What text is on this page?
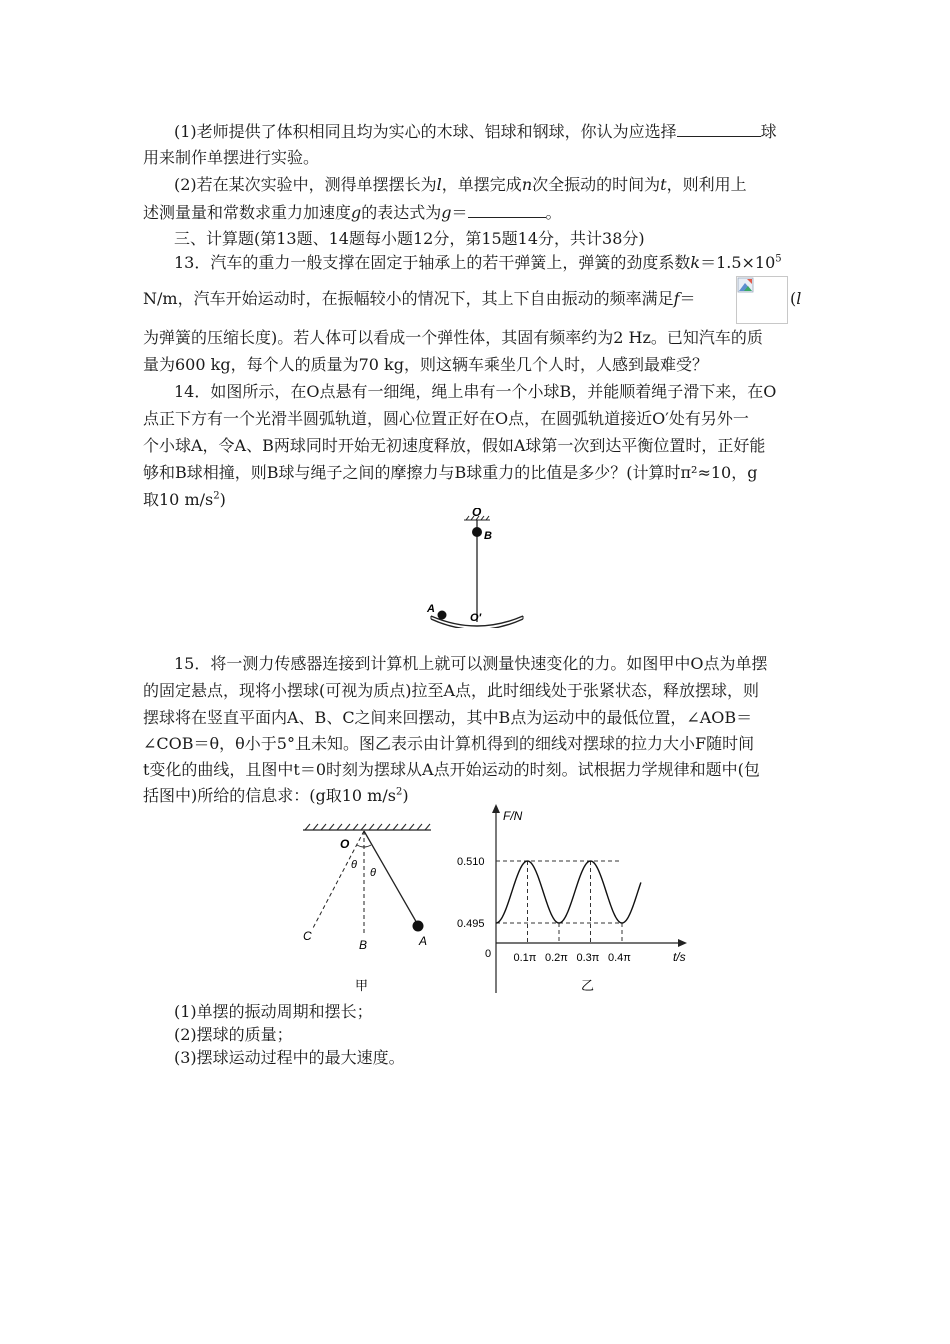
(1)老师提供了体积相同且均为实心的木球、铝球和钢球，你认为应选择	球
用来制作单摆进行实验。
(2)若在某次实验中，测得单摆摆长为l，单摆完成n次全振动的时间为t，则利用上
述测量量和常数求重力加速度g的表达式为g＝	。
三、计算题(第13题、14题每小题12分，第15题14分，共计38分)
13．汽车的重力一般支撑在固定于轴承上的若干弹簧上，弹簧的劲度系数$k=1.5\times 10^5$
N/m，汽车开始运动时，在振幅较小的情况下，其上下自由振动的频率满足f＝	(l
为弹簧的压缩长度)。若人体可以看成一个弹性体，其固有频率约为2 Hz。已知汽车的质
量为600 kg，每个人的质量为70 kg，则这辆车乘坐几个人时，人感到最难受？
14．如图所示，在O点悬有一细绳，绳上串有一个小球B，并能顺着绳子滑下来，在O
点正下方有一个光滑半圆弧轨道，圆心位置正好在O点，在圆弧轨道接近O′处有另外一
个小球A，令A、B两球同时开始无初速度释放，假如A球第一次到达平衡位置时，正好能
够和B球相撞，则B球与绳子之间的摩擦力与B球重力的比值是多少？(计算时π²≈10，g
取10 $m/s^2$)
O
B
A
O′
15．将一测力传感器连接到计算机上就可以测量快速变化的力。如图甲中O点为单摆
的固定悬点，现将小摆球(可视为质点)拉至A点，此时细线处于张紧状态，释放摆球，则
摆球将在竖直平面内A、B、C之间来回摆动，其中B点为运动中的最低位置，∠AOB＝
∠COB＝θ，θ小于5°且未知。图乙表示由计算机得到的细线对摆球的拉力大小F随时间
t变化的曲线，且图中t＝0时刻为摆球从A点开始运动的时刻。试根据力学规律和题中(包
括图中)所给的信息求：(g取10 $m/s^2$)
O
θ
θ
C
B	A
甲
F/N
t/s
0
乙
0.510
0.495
0.1π 0.2π 0.3π 0.4π
(1)单摆的振动周期和摆长；
(2)摆球的质量；
(3)摆球运动过程中的最大速度。
